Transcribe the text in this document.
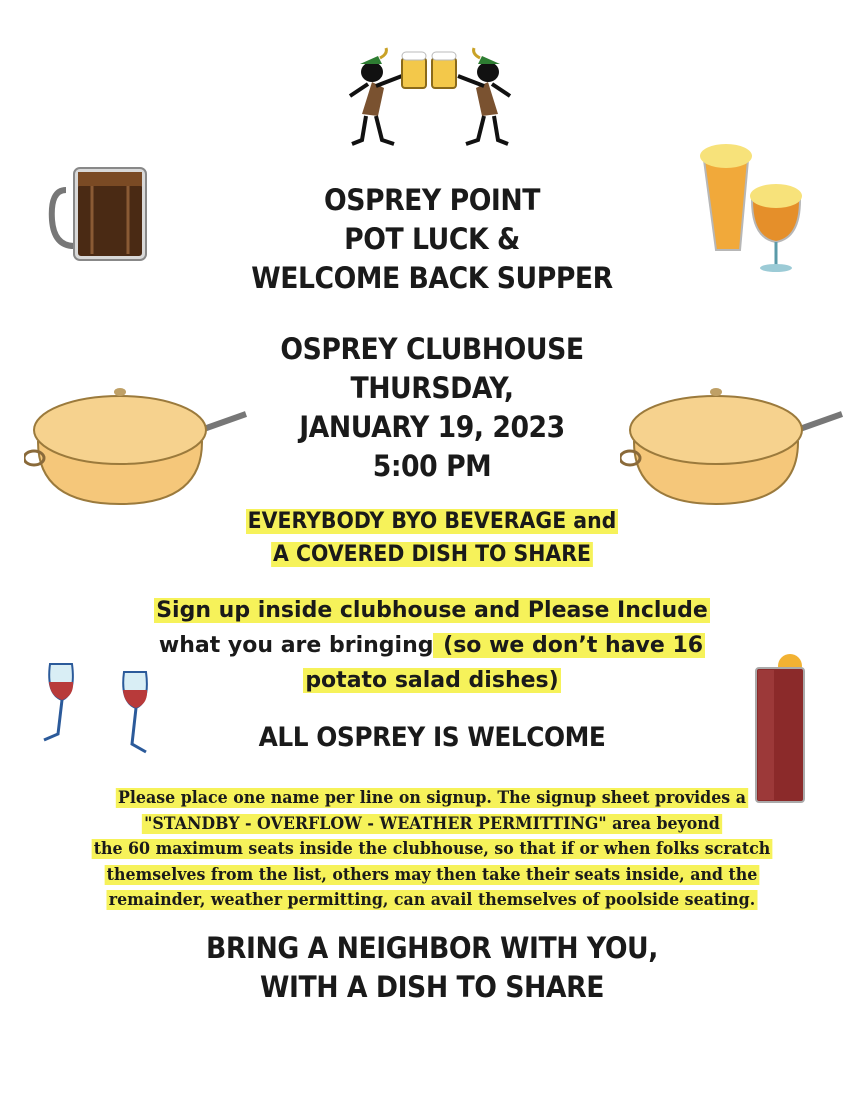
OSPREY POINT
POT LUCK &
WELCOME BACK SUPPER
OSPREY CLUBHOUSE
THURSDAY,
JANUARY 19, 2023
5:00 PM
EVERYBODY BYO BEVERAGE and
A COVERED DISH TO SHARE
Sign up inside clubhouse and Please Include
what you are bringing (so we don’t have 16
potato salad dishes)
ALL OSPREY IS WELCOME
Please place one name per line on signup. The signup sheet provides a
"STANDBY - OVERFLOW - WEATHER PERMITTING" area beyond
the 60 maximum seats inside the clubhouse, so that if or when folks scratch
themselves from the list, others may then take their seats inside, and the
remainder, weather permitting, can avail themselves of poolside seating.
BRING A NEIGHBOR WITH YOU,
WITH A DISH TO SHARE
